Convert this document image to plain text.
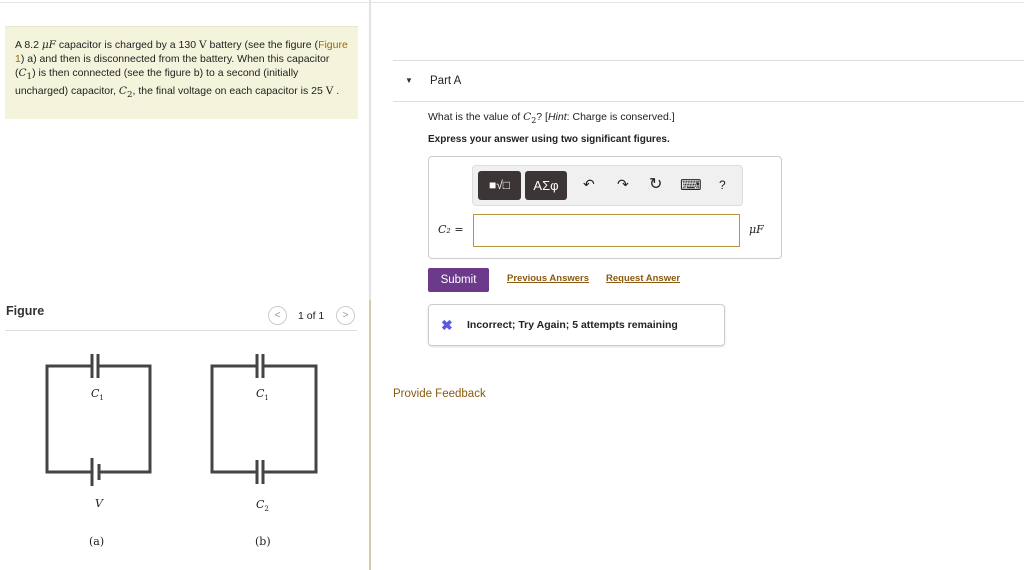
A 8.2 μF capacitor is charged by a 130 V battery (see the figure (Figure 1) a) and then is disconnected from the battery. When this capacitor $(C_1)$ is then connected (see the figure b) to a second (initially uncharged) capacitor, $C_2$, the final voltage on each capacitor is 25 V .
Figure	<	1 of 1	>
$C_1$
V
$C_1$
$C_2$
(a)	(b)
▼ Part A
What is the value of $C_2$? [Hint: Charge is conserved.]
Express your answer using two significant figures.
■√□	ΑΣφ	↶ ↷ ↻ ⌨ ?
C₂ =	μF
Submit	Previous Answers Request Answer
✖ Incorrect; Try Again; 5 attempts remaining
Provide Feedback
